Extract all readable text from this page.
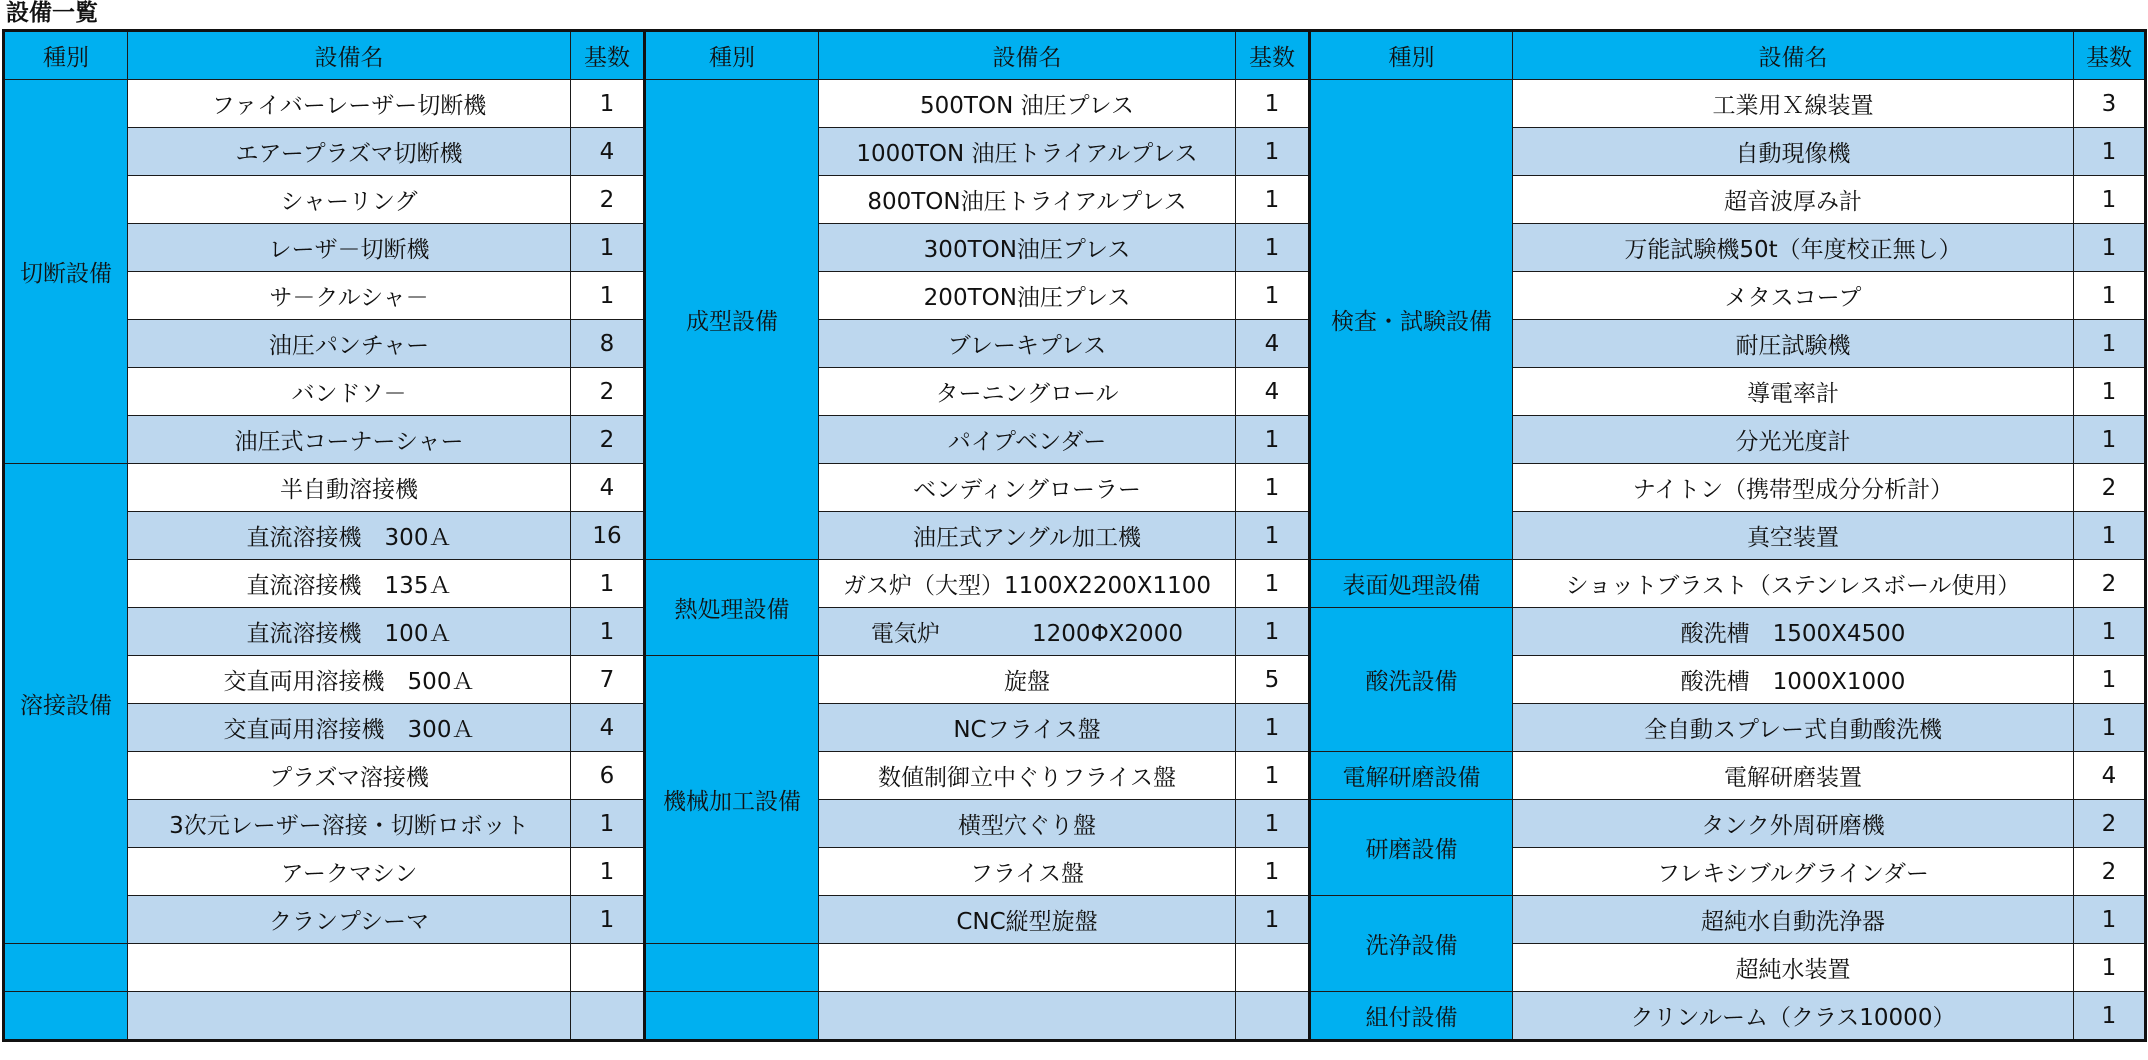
設備一覧
種別	設備名	基数	種別	設備名	基数	種別	設備名	基数
切断設備	ファイバーレーザー切断機	1	成型設備	500TON 油圧プレス	1	検査・試験設備	工業用Ｘ線装置	3
	エアープラズマ切断機	4		1000TON 油圧トライアルプレス	1		自動現像機	1
	シャーリング	2		800TON油圧トライアルプレス	1		超音波厚み計	1
	レーザ－切断機	1		300TON油圧プレス	1		万能試験機50t（年度校正無し）	1
	サ－クルシャ－	1		200TON油圧プレス	1		メタスコープ	1
	油圧パンチャー	8		ブレーキプレス	4		耐圧試験機	1
	バンドソ－	2		ターニングロール	4		導電率計	1
	油圧式コーナーシャー	2		パイプベンダー	1		分光光度計	1
溶接設備	半自動溶接機	4		ベンディングローラー	1		ナイトン（携帯型成分分析計）	2
	直流溶接機　300Ａ	16		油圧式アングル加工機	1		真空装置	1
	直流溶接機　135Ａ	1	熱処理設備	ガス炉（大型）1100X2200X1100	1	表面処理設備	ショットブラスト（ステンレスボール使用）	2
	直流溶接機　100Ａ	1		電気炉　　　　1200ΦX2000	1	酸洗設備	酸洗槽　1500X4500	1
	交直両用溶接機　500Ａ	7	機械加工設備	旋盤	5		酸洗槽　1000X1000	1
	交直両用溶接機　300Ａ	4		NCフライス盤	1		全自動スプレー式自動酸洗機	1
	プラズマ溶接機	6		数値制御立中ぐりフライス盤	1	電解研磨設備	電解研磨装置	4
	3次元レーザー溶接・切断ロボット	1		横型穴ぐり盤	1	研磨設備	タンク外周研磨機	2
	アークマシン	1		フライス盤	1		フレキシブルグラインダー	2
	クランプシーマ	1		CNC縦型旋盤	1	洗浄設備	超純水自動洗浄器	1
							超純水装置	1
						組付設備	クリンルーム（クラス10000）	1
